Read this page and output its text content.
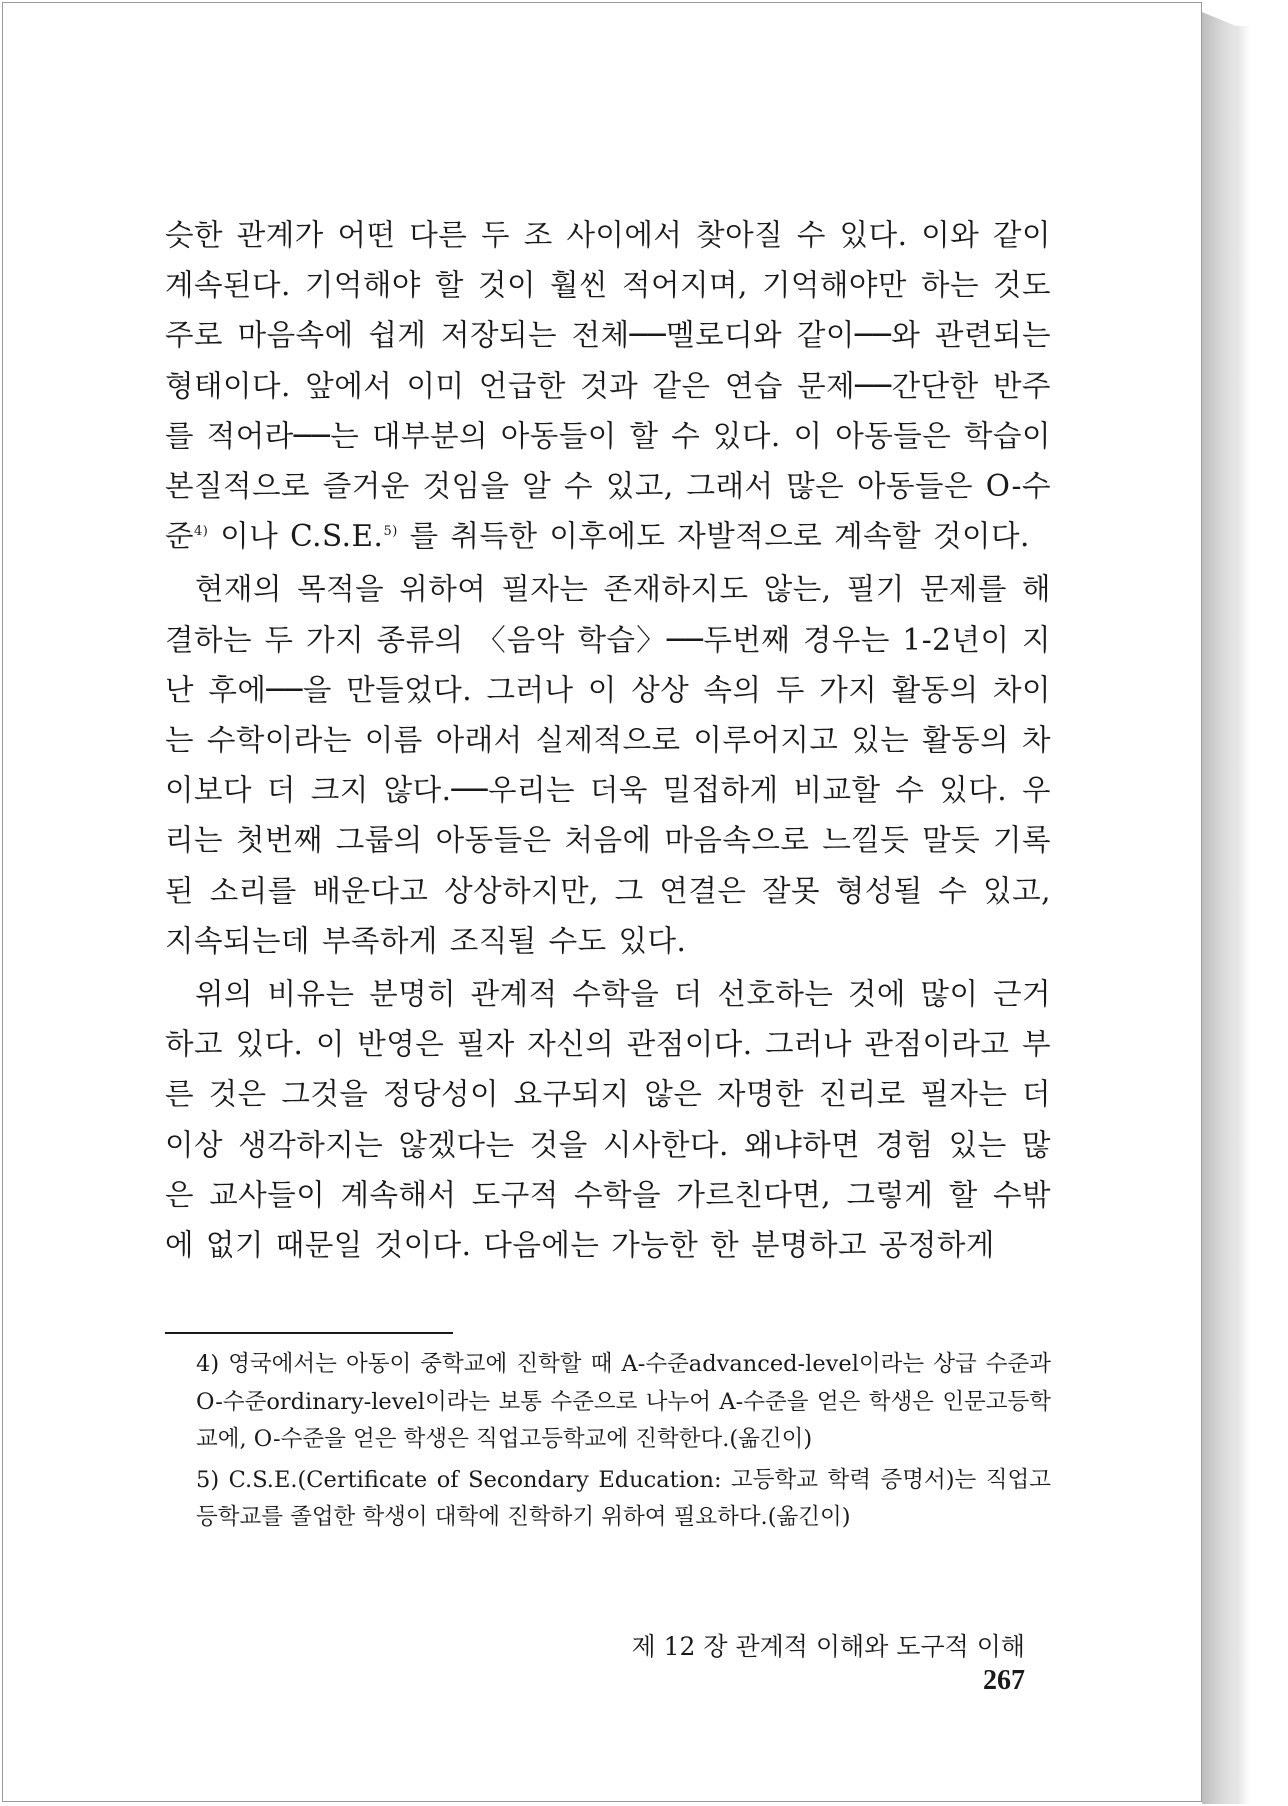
슷한 관계가 어떤 다른 두 조 사이에서 찾아질 수 있다. 이와 같이 계속된다. 기억해야 할 것이 훨씬 적어지며, 기억해야만 하는 것도 주로 마음속에 쉽게 저장되는 전체──멜로디와 같이──와 관련되는 형태이다. 앞에서 이미 언급한 것과 같은 연습 문제──간단한 반주를 적어라──는 대부분의 아동들이 할 수 있다. 이 아동들은 학습이 본질적으로 즐거운 것임을 알 수 있고, 그래서 많은 아동들은 O-수준$^{4)}$ 이나 C.S.E.$^{5)}$ 를 취득한 이후에도 자발적으로 계속할 것이다.

현재의 목적을 위하여 필자는 존재하지도 않는, 필기 문제를 해결하는 두 가지 종류의 〈음악 학습〉──두번째 경우는 1-2년이 지난 후에──을 만들었다. 그러나 이 상상 속의 두 가지 활동의 차이는 수학이라는 이름 아래서 실제적으로 이루어지고 있는 활동의 차이보다 더 크지 않다.──우리는 더욱 밀접하게 비교할 수 있다. 우리는 첫번째 그룹의 아동들은 처음에 마음속으로 느낄듯 말듯 기록된 소리를 배운다고 상상하지만, 그 연결은 잘못 형성될 수 있고, 지속되는데 부족하게 조직될 수도 있다.

위의 비유는 분명히 관계적 수학을 더 선호하는 것에 많이 근거하고 있다. 이 반영은 필자 자신의 관점이다. 그러나 관점이라고 부른 것은 그것을 정당성이 요구되지 않은 자명한 진리로 필자는 더 이상 생각하지는 않겠다는 것을 시사한다. 왜냐하면 경험 있는 많은 교사들이 계속해서 도구적 수학을 가르친다면, 그렇게 할 수밖에 없기 때문일 것이다. 다음에는 가능한 한 분명하고 공정하게

4) 영국에서는 아동이 중학교에 진학할 때 A-수준advanced-level이라는 상급 수준과 O-수준ordinary-level이라는 보통 수준으로 나누어 A-수준을 얻은 학생은 인문고등학교에, O-수준을 얻은 학생은 직업고등학교에 진학한다.(옮긴이)

5) C.S.E.(Certificate of Secondary Education: 고등학교 학력 증명서)는 직업고등학교를 졸업한 학생이 대학에 진학하기 위하여 필요하다.(옮긴이)

제 12 장 관계적 이해와 도구적 이해267
